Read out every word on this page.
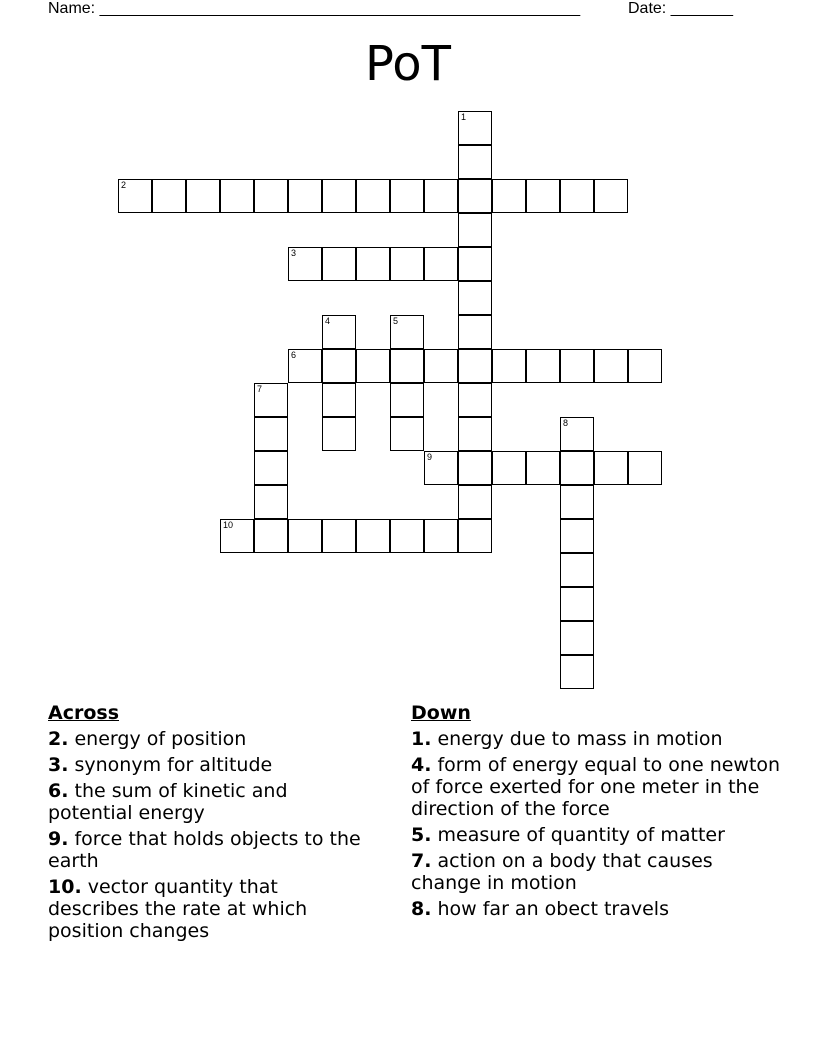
Name: ______________________________________________________	Date: _______
PoT
1
2
3
4	5
6
7
8
9
10
Across
2. energy of position
3. synonym for altitude
6. the sum of kinetic and potential energy
9. force that holds objects to the earth
10. vector quantity that describes the rate at which position changes
Down
1. energy due to mass in motion
4. form of energy equal to one newton of force exerted for one meter in the direction of the force
5. measure of quantity of matter
7. action on a body that causes change in motion
8. how far an obect travels
